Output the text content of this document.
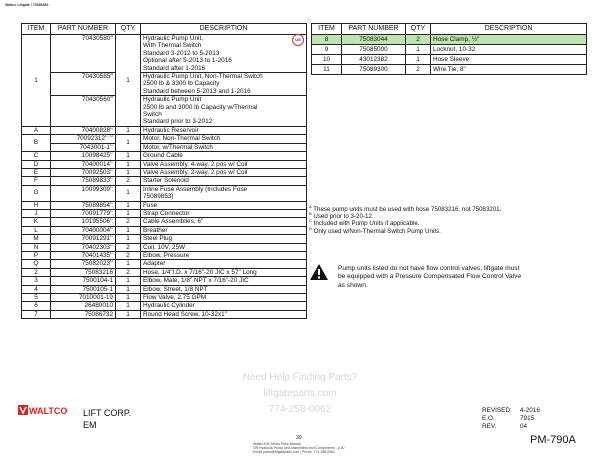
Waltco Liftgate / 75089384
ITEM	PART NUMBER	QTY	DESCRIPTION
1	$70430580^A$	1	Hydraulic Pump Unit,
With Thermal Switch
Standard 3-2012 to 5-2013
Optional after 5-2013 to 1-2016
Standard after 1-2016

	$70430585^A$		Hydraulic Pump Unit, Non-Thermal Switch
2500 lb & 3300 lb Capacity
Standard between 5-2013 and 1-2016

	$70430560^B$		Hydraulic Pump Unit
2500 lb and 3000 lb Capacity w/Thermal
Switch
Standard prior to 3-2012

A	$70400828^C$	1	Hydraulic Reservoir
B	$70092312^{C, D}$	1	Motor, Non-Thermal Switch
	$7043001-1^C$		Motor, w/Thermal Switch
C	$10098425^C$	1	Ground Cable
D	$70400014^C$	1	Valve Assembly, 4-way, 2 pos w/ Coil
E	$70092503^C$	1	Valve Assembly, 2-way, 2 pos w/ Coil
F	$75089833^C$	2	Starter Solenoid
G	$10099309^C$	1	Inline Fuse Assembly (Includes Fuse
75089853)

H	$75089854^C$	1	Fuse
J	$70091779^C$	1	Strap Connector
K	$10195506^C$	2	Cable Assemblies, 6"
L	$70400004^C$	1	Breather
M	$70091291^C$	1	Steel Plug
N	$70402303^C$	2	Coil, 10V, 25W
P	$70401435^C$	2	Elbow, Pressure
Q	$75082023^D$	1	Adapter
2	75083216	2	Hose, 1/4"I.D. x 7/16"-20 JIC x 57" Long
3	7500104-1	1	Elbow, Male, 1/8" NPT x 7/16"-20 JIC
4	7500105-1	1	Elbow, Street, 1/8 NPT
5	7010001-19	1	Flow Valve, 2.75 GPM
6	26480010	1	Hydraulic Cylinder
7	75086732	1	Round Head Screw, 10-32x1"
US
ITEM	PART NUMBER	QTY	DESCRIPTION
8	75083044	2	Hose Clamp, ½"
9	75085000	1	Locknut, 10-32
10	43012382	1	Hose Sleeve
11	75089300	2	Wire Tie, 8"
$^A$ These pump units must be used with hose 75083216, not 75083201.
$^B$ Used prior to 3-20-12.
$^C$ Included with Pump Units if applicable.
$^D$ Only used w/Non-Thermal Switch Pump Units.
Pump units listed do not have flow control valves, liftgate must be equipped with a Pressure Compensated Flow Control Valve as shown.
Need Help Finding Parts?
liftgateparts.com
774-258-0062
WALTCO LIFT CORP.
EM
REVISED: 4-2016
E.O.	7915
REV.	04
PM-790A
30
Waltco EM Series Parts Manual
OR Hydraulic Pump Unit Assemblies and Components - p.30
Email: parts@liftgateparts.com | Phone: 774-258-0062
